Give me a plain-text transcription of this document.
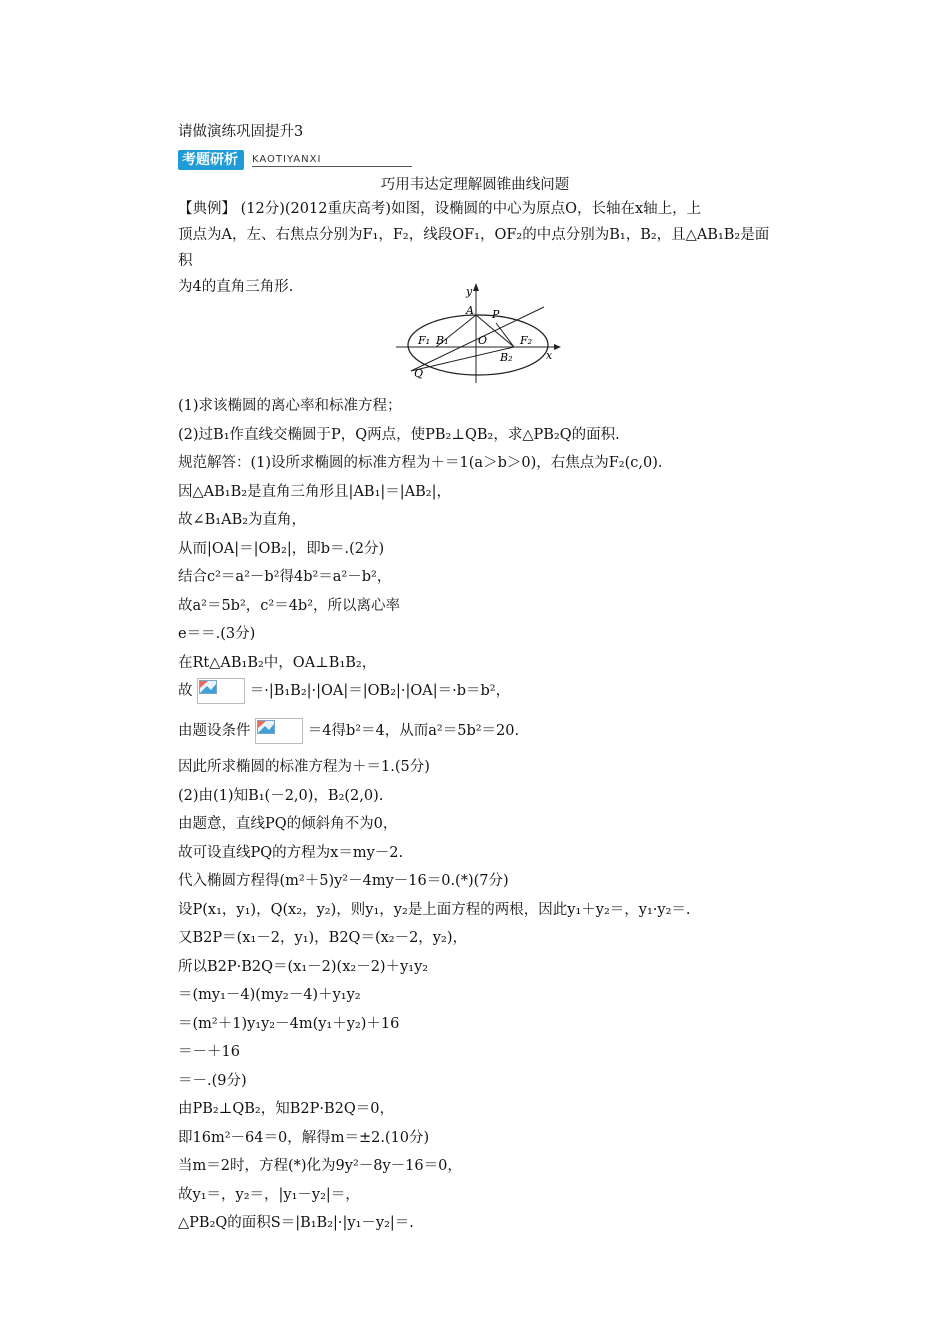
请做演练巩固提升3
考题研析	KAOTIYANXI
巧用韦达定理解圆锥曲线问题
【典例】 (12分)(2012重庆高考)如图，设椭圆的中心为原点O，长轴在x轴上，上
顶点为A，左、右焦点分别为F₁，F₂，线段OF₁，OF₂的中点分别为B₁，B₂，且△AB₁B₂是面积
为4的直角三角形.	y
x
A P
F₁ B₁	O	F₂
B₂
Q
(1)求该椭圆的离心率和标准方程；
(2)过B₁作直线交椭圆于P，Q两点，使PB₂⊥QB₂，求△PB₂Q的面积.
规范解答：(1)设所求椭圆的标准方程为＋＝1(a＞b＞0)，右焦点为F₂(c,0).
因△AB₁B₂是直角三角形且|AB₁|＝|AB₂|，
故∠B₁AB₂为直角，
从而|OA|＝|OB₂|，即b＝.(2分)
结合c²＝a²－b²得4b²＝a²－b²，
故a²＝5b²，c²＝4b²，所以离心率
e＝＝.(3分)
在Rt△AB₁B₂中，OA⊥B₁B₂，
故	＝·|B₁B₂|·|OA|＝|OB₂|·|OA|＝·b＝b²，
由题设条件	＝4得b²＝4，从而a²＝5b²＝20.
因此所求椭圆的标准方程为＋＝1.(5分)
(2)由(1)知B₁(－2,0)，B₂(2,0).
由题意，直线PQ的倾斜角不为0，
故可设直线PQ的方程为x＝my－2.
代入椭圆方程得(m²＋5)y²－4my－16＝0.(*)(7分)
设P(x₁，y₁)，Q(x₂，y₂)，则y₁，y₂是上面方程的两根，因此y₁＋y₂＝，y₁·y₂＝.
又B2P＝(x₁－2，y₁)，B2Q＝(x₂－2，y₂)，
所以B2P·B2Q＝(x₁－2)(x₂－2)＋y₁y₂
＝(my₁－4)(my₂－4)＋y₁y₂
＝(m²＋1)y₁y₂－4m(y₁＋y₂)＋16
＝－＋16
＝－.(9分)
由PB₂⊥QB₂，知B2P·B2Q＝0，
即16m²－64＝0，解得m＝±2.(10分)
当m＝2时，方程(*)化为9y²－8y－16＝0，
故y₁＝，y₂＝，|y₁－y₂|＝，
△PB₂Q的面积S＝|B₁B₂|·|y₁－y₂|＝.
